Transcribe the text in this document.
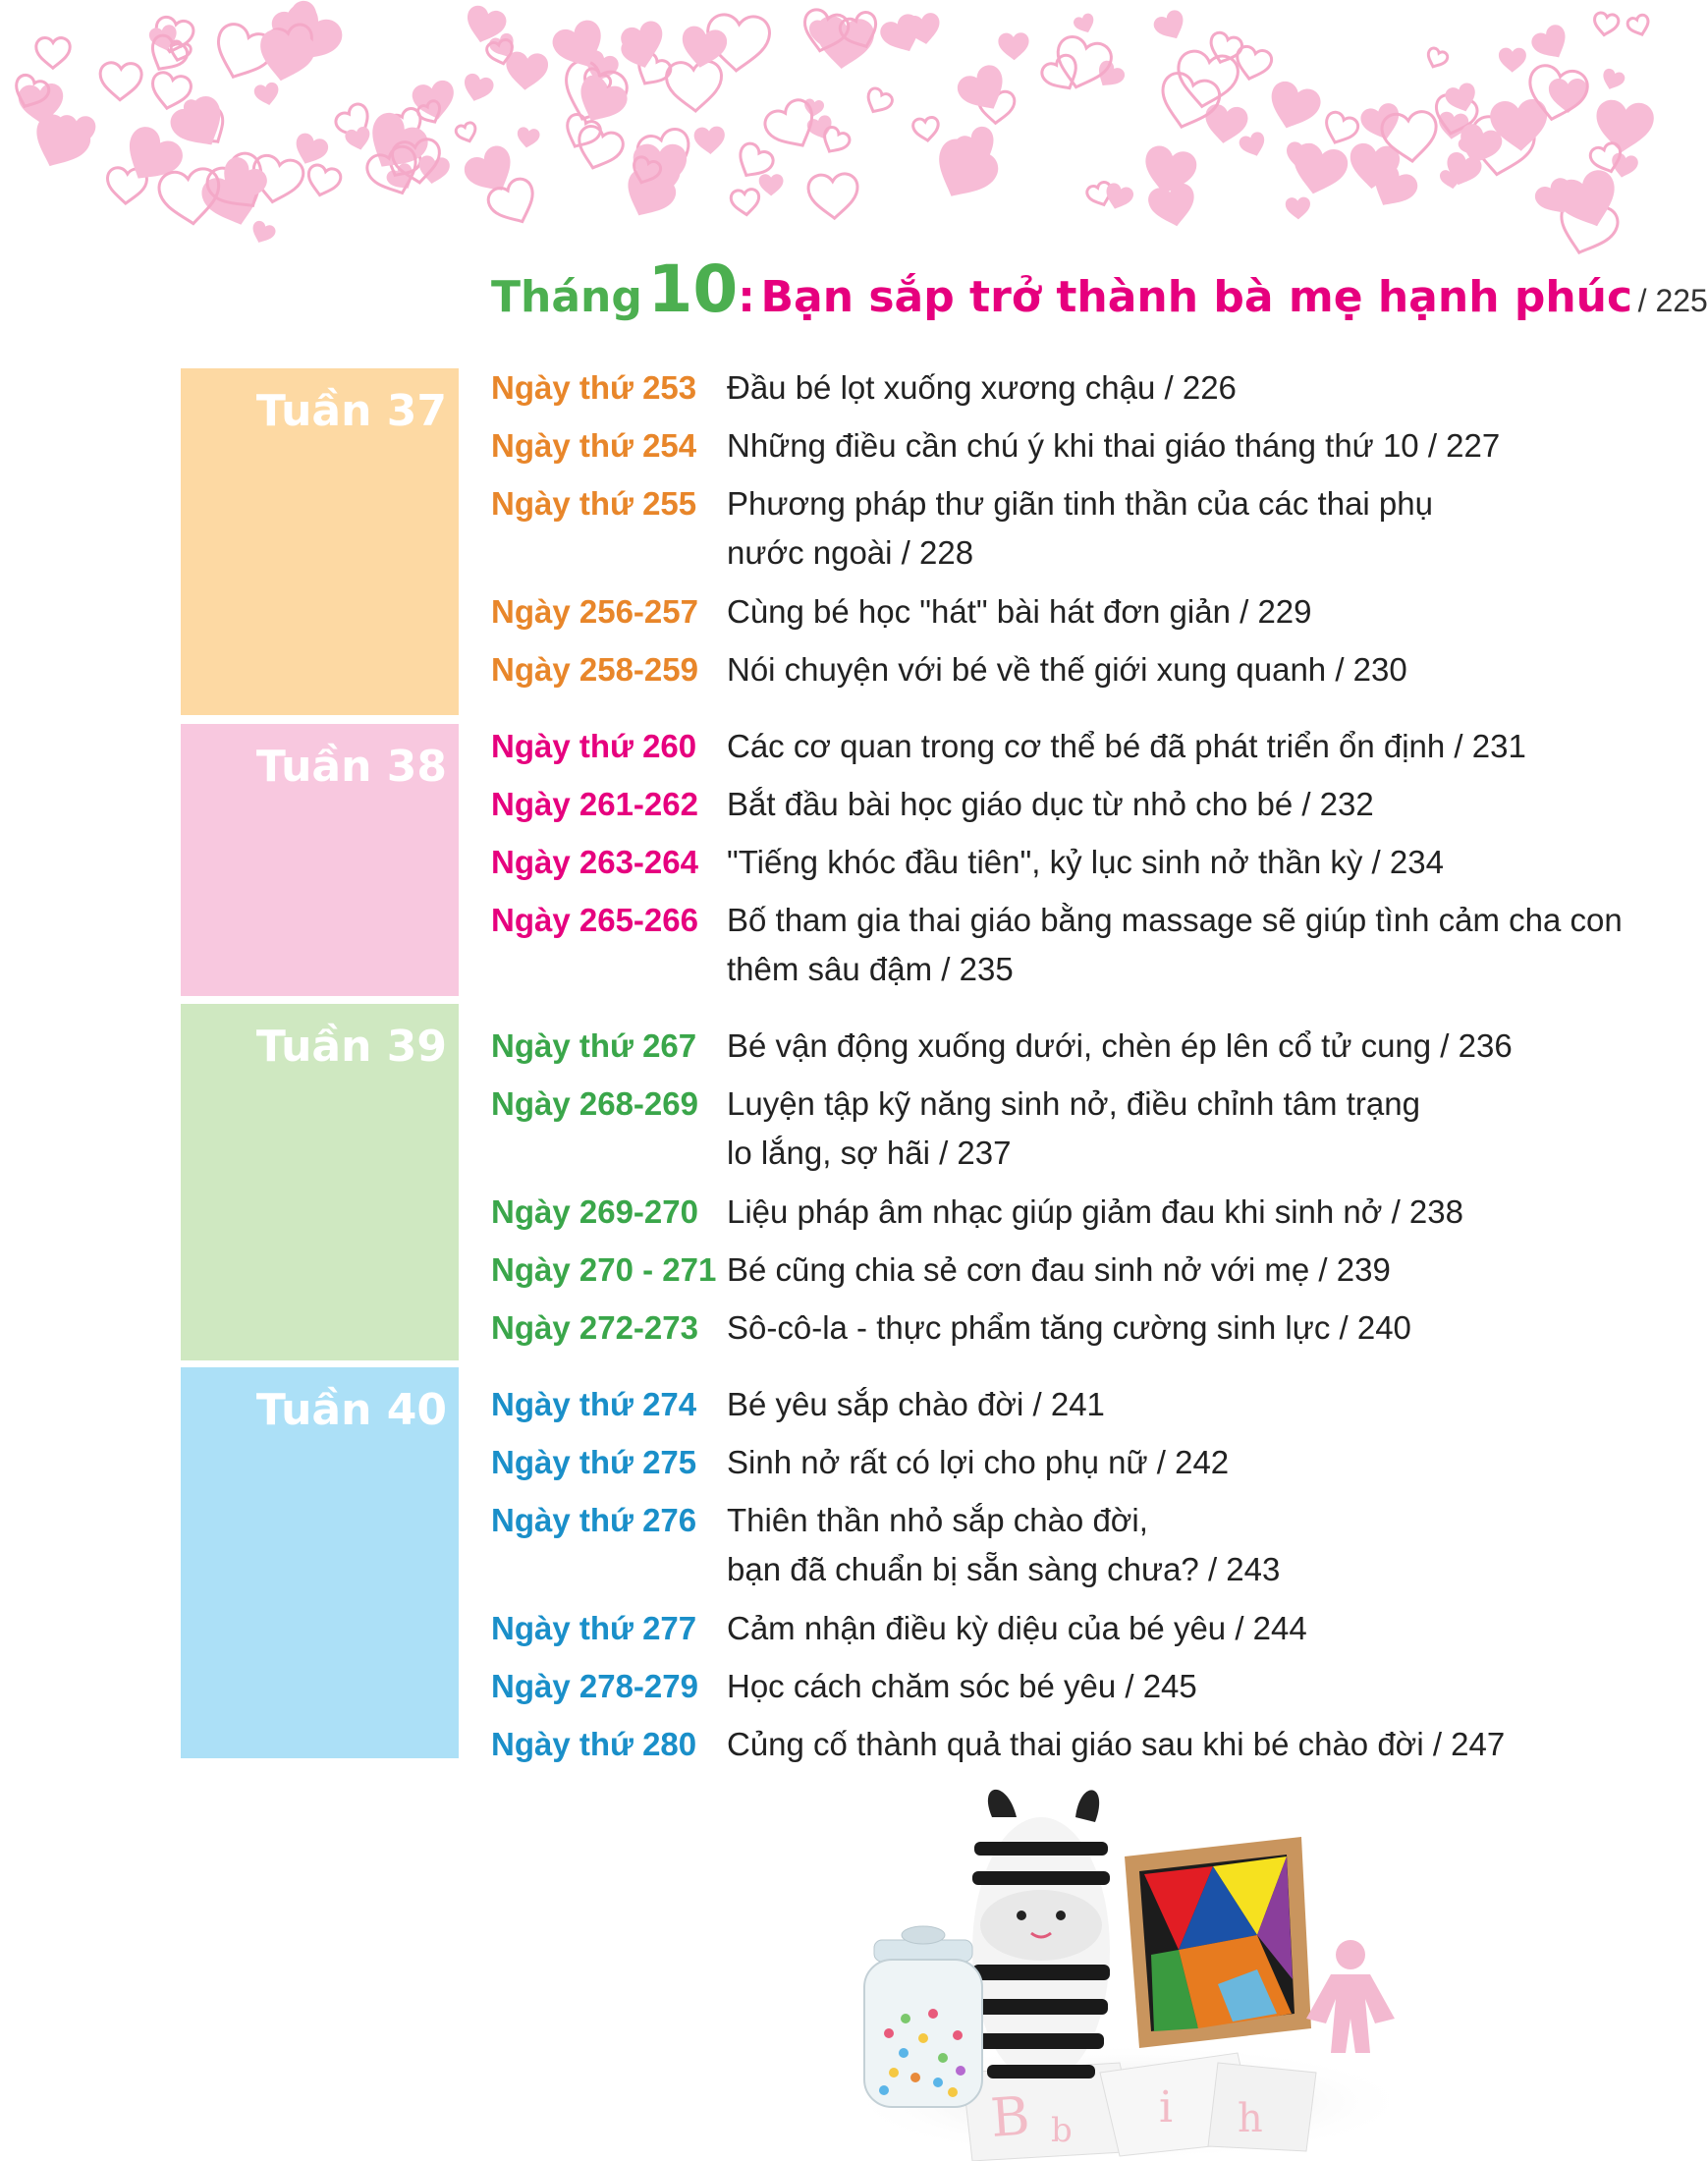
Tháng 10: Bạn sắp trở thành bà mẹ hạnh phúc / 225
Tuần 37
Tuần 38
Tuần 39
Tuần 40
Ngày thứ 253 Đầu bé lọt xuống xương chậu / 226
Ngày thứ 254 Những điều cần chú ý khi thai giáo tháng thứ 10 / 227
Ngày thứ 255 Phương pháp thư giãn tinh thần của các thai phụ
nước ngoài / 228
Ngày 256-257 Cùng bé học "hát" bài hát đơn giản / 229
Ngày 258-259 Nói chuyện với bé về thế giới xung quanh / 230
Ngày thứ 260 Các cơ quan trong cơ thể bé đã phát triển ổn định / 231
Ngày 261-262 Bắt đầu bài học giáo dục từ nhỏ cho bé / 232
Ngày 263-264 "Tiếng khóc đầu tiên", kỷ lục sinh nở thần kỳ / 234
Ngày 265-266 Bố tham gia thai giáo bằng massage sẽ giúp tình cảm cha con
thêm sâu đậm / 235
Ngày thứ 267 Bé vận động xuống dưới, chèn ép lên cổ tử cung / 236
Ngày 268-269 Luyện tập kỹ năng sinh nở, điều chỉnh tâm trạng
lo lắng, sợ hãi / 237
Ngày 269-270 Liệu pháp âm nhạc giúp giảm đau khi sinh nở / 238
Ngày 270 - 271 Bé cũng chia sẻ cơn đau sinh nở với mẹ / 239
Ngày 272-273 Sô-cô-la - thực phẩm tăng cường sinh lực / 240
Ngày thứ 274 Bé yêu sắp chào đời / 241
Ngày thứ 275 Sinh nở rất có lợi cho phụ nữ / 242
Ngày thứ 276 Thiên thần nhỏ sắp chào đời,
bạn đã chuẩn bị sẵn sàng chưa? / 243
Ngày thứ 277 Cảm nhận điều kỳ diệu của bé yêu / 244
Ngày 278-279 Học cách chăm sóc bé yêu / 245
Ngày thứ 280 Củng cố thành quả thai giáo sau khi bé chào đời / 247
B b i h
